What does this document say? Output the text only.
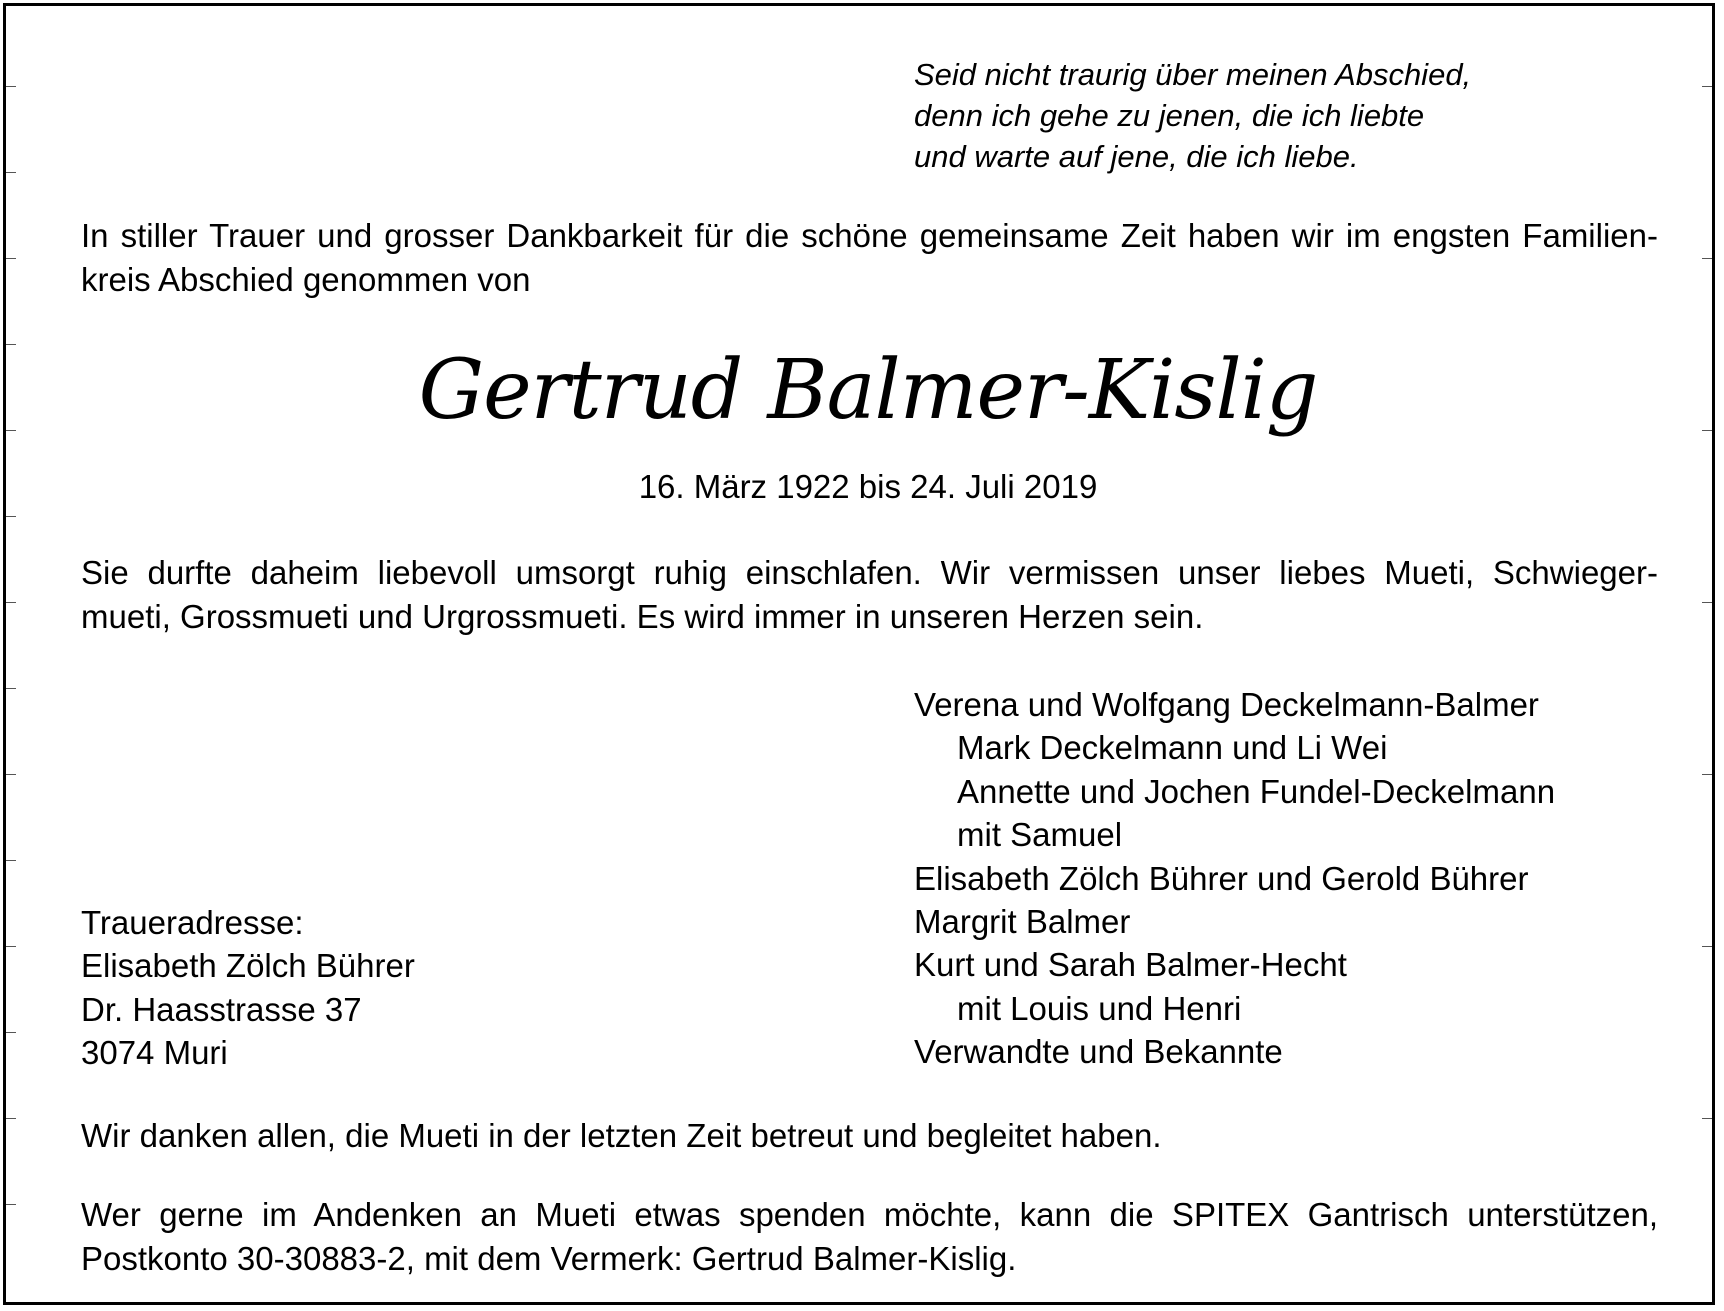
Seid nicht traurig über meinen Abschied,
denn ich gehe zu jenen, die ich liebte
und warte auf jene, die ich liebe.
In stiller Trauer und grosser Dankbarkeit für die schöne gemeinsame Zeit haben wir im engsten Familien-
kreis Abschied genommen von
Gertrud Balmer-Kislig
16. März 1922 bis 24. Juli 2019
Sie durfte daheim liebevoll umsorgt ruhig einschlafen. Wir vermissen unser liebes Mueti, Schwieger-
mueti, Grossmueti und Urgrossmueti. Es wird immer in unseren Herzen sein.
Verena und Wolfgang Deckelmann-Balmer
Mark Deckelmann und Li Wei
Annette und Jochen Fundel-Deckelmann
mit Samuel
Elisabeth Zölch Bührer und Gerold Bührer
Margrit Balmer
Kurt und Sarah Balmer-Hecht
mit Louis und Henri
Verwandte und Bekannte
Traueradresse:
Elisabeth Zölch Bührer
Dr. Haasstrasse 37
3074 Muri
Wir danken allen, die Mueti in der letzten Zeit betreut und begleitet haben.
Wer gerne im Andenken an Mueti etwas spenden möchte, kann die SPITEX Gantrisch unterstützen,
Postkonto 30-30883-2, mit dem Vermerk: Gertrud Balmer-Kislig.
